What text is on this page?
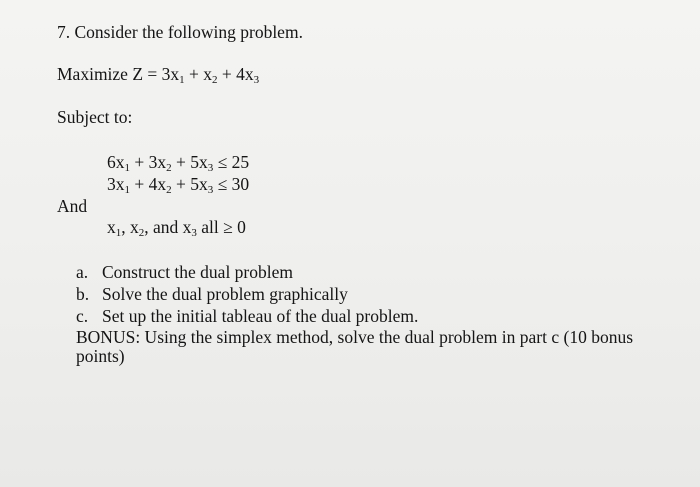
7. Consider the following problem.
Maximize $Z = 3x_1 + x_2 + 4x_3$
Subject to:
$6x_1 + 3x_2 + 5x_3 \le 25$
$3x_1 + 4x_2 + 5x_3 \le 30$
And
$x_1$, $x_2$, and $x_3$ all ≥ 0
a. Construct the dual problem
b. Solve the dual problem graphically
c. Set up the initial tableau of the dual problem.
BONUS: Using the simplex method, solve the dual problem in part c (10 bonus
points)
